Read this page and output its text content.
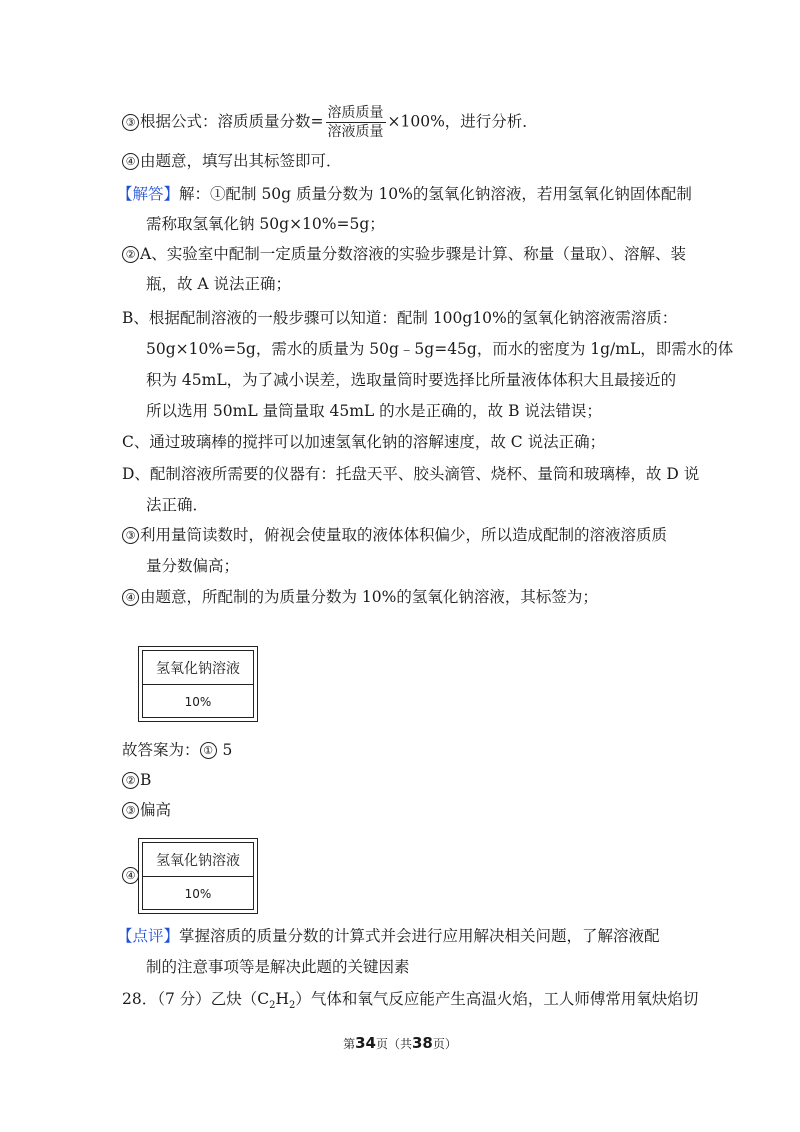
③ 根据公式：溶质质量分数= $\frac{\text{溶质质量}}{\text{溶液质量}} \times 100\%$，进行分析．
④ 由题意，填写出其标签即可．
【解答】解：①配制 50g 质量分数为 10%的氢氧化钠溶液，若用氢氧化钠固体配制
需称取氢氧化钠 50g×10%=5g；
② A、实验室中配制一定质量分数溶液的实验步骤是计算、称量（量取）、溶解、装
瓶，故 A 说法正确；
B、根据配制溶液的一般步骤可以知道：配制 100g10%的氢氧化钠溶液需溶质：
50g×10%=5g，需水的质量为 50g﹣5g=45g，而水的密度为 1g/mL，即需水的体
积为 45mL，为了减小误差，选取量筒时要选择比所量液体体积大且最接近的
所以选用 50mL 量筒量取 45mL 的水是正确的，故 B 说法错误；
C、通过玻璃棒的搅拌可以加速氢氧化钠的溶解速度，故 C 说法正确；
D、配制溶液所需要的仪器有：托盘天平、胶头滴管、烧杯、量筒和玻璃棒，故 D 说
法正确．
③ 利用量筒读数时，俯视会使量取的液体体积偏少，所以造成配制的溶液溶质质
量分数偏高；
④ 由题意，所配制的为质量分数为 10%的氢氧化钠溶液，其标签为；
氢氧化钠溶液
10%
故答案为： ① 5
② B
③ 偏高
④
氢氧化钠溶液
10%
【点评】掌握溶质的质量分数的计算式并会进行应用解决相关问题，了解溶液配
制的注意事项等是解决此题的关键因素
28．（7 分）乙炔$(C_2H_2)$气体和氧气反应能产生高温火焰，工人师傅常用氧炔焰切
第34页（共38页）
